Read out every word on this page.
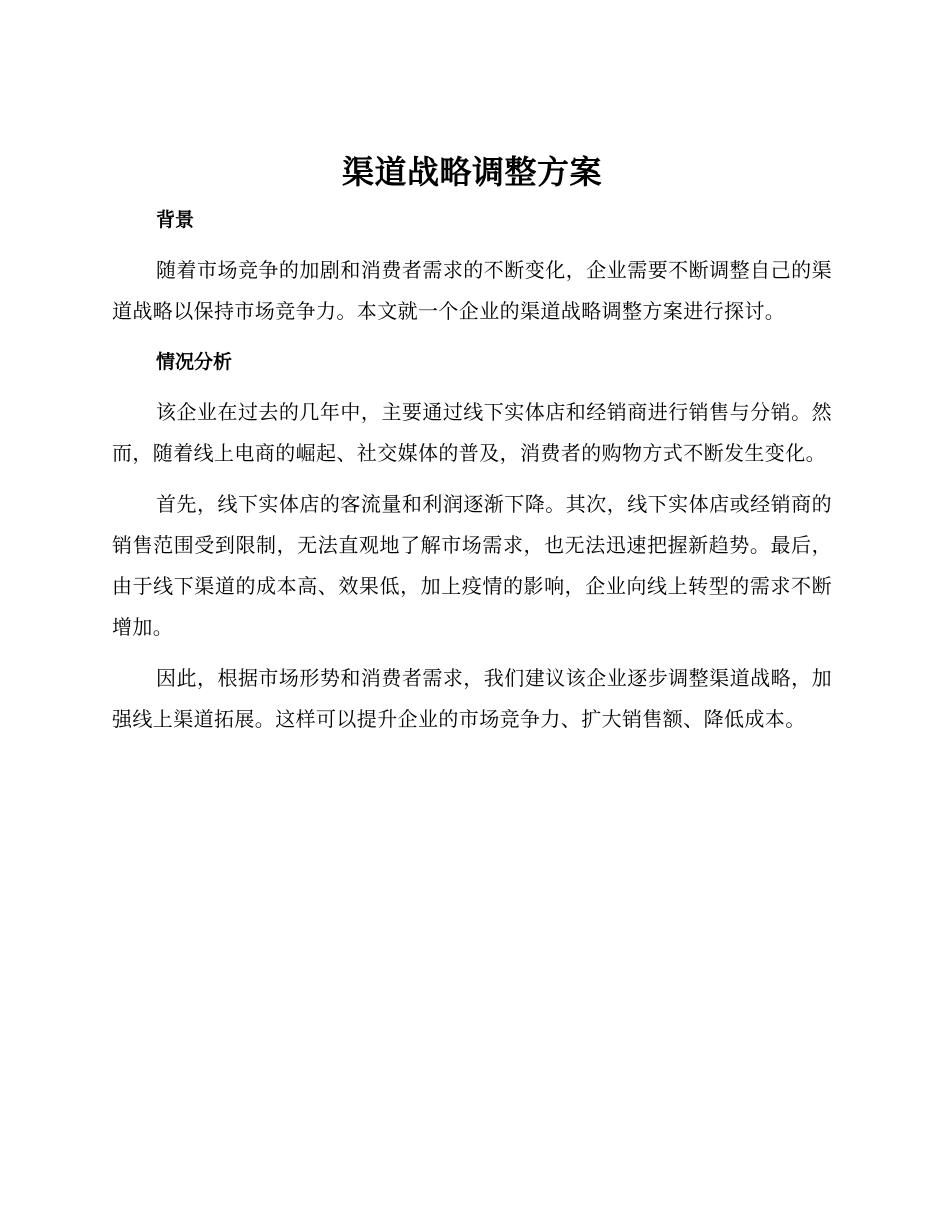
渠道战略调整方案
背景

随着市场竞争的加剧和消费者需求的不断变化，企业需要不断调整自己的渠道战略以保持市场竞争力。本文就一个企业的渠道战略调整方案进行探讨。

情况分析

该企业在过去的几年中，主要通过线下实体店和经销商进行销售与分销。然而，随着线上电商的崛起、社交媒体的普及，消费者的购物方式不断发生变化。

首先，线下实体店的客流量和利润逐渐下降。其次，线下实体店或经销商的销售范围受到限制，无法直观地了解市场需求，也无法迅速把握新趋势。最后，由于线下渠道的成本高、效果低，加上疫情的影响，企业向线上转型的需求不断增加。

因此，根据市场形势和消费者需求，我们建议该企业逐步调整渠道战略，加强线上渠道拓展。这样可以提升企业的市场竞争力、扩大销售额、降低成本。
